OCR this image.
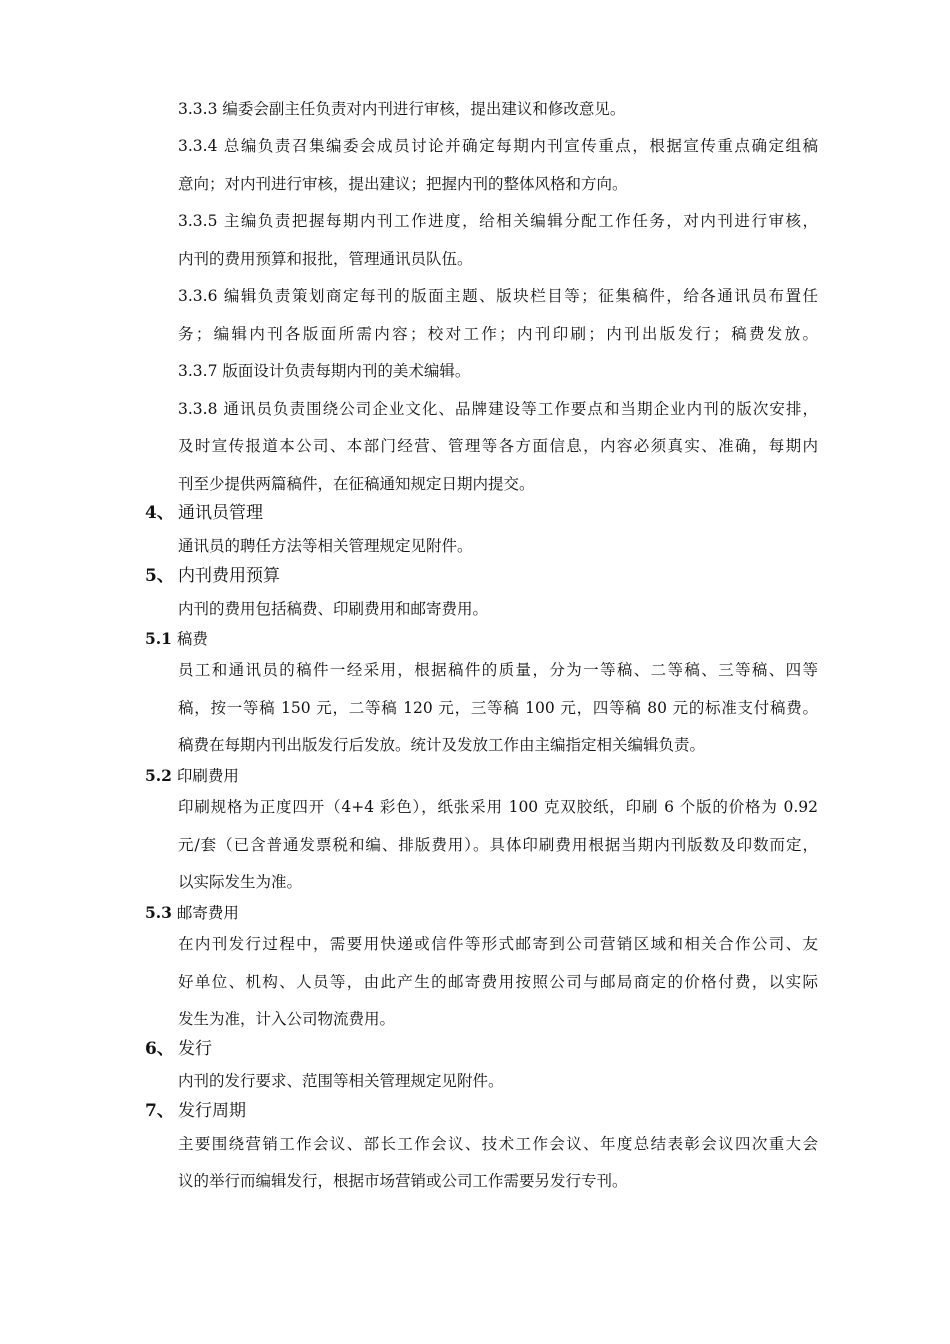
3.3.3 编委会副主任负责对内刊进行审核，提出建议和修改意见。
3.3.4 总编负责召集编委会成员讨论并确定每期内刊宣传重点，根据宣传重点确定组稿
意向；对内刊进行审核，提出建议；把握内刊的整体风格和方向。
3.3.5 主编负责把握每期内刊工作进度，给相关编辑分配工作任务，对内刊进行审核，
内刊的费用预算和报批，管理通讯员队伍。
3.3.6 编辑负责策划商定每刊的版面主题、版块栏目等；征集稿件，给各通讯员布置任
务；编辑内刊各版面所需内容；校对工作；内刊印刷；内刊出版发行；稿费发放。
3.3.7 版面设计负责每期内刊的美术编辑。
3.3.8 通讯员负责围绕公司企业文化、品牌建设等工作要点和当期企业内刊的版次安排，
及时宣传报道本公司、本部门经营、管理等各方面信息，内容必须真实、准确，每期内
刊至少提供两篇稿件，在征稿通知规定日期内提交。
4、 通讯员管理
通讯员的聘任方法等相关管理规定见附件。
5、 内刊费用预算
内刊的费用包括稿费、印刷费用和邮寄费用。
5.1 稿费
员工和通讯员的稿件一经采用，根据稿件的质量，分为一等稿、二等稿、三等稿、四等
稿，按一等稿 150 元，二等稿 120 元，三等稿 100 元，四等稿 80 元的标准支付稿费。
稿费在每期内刊出版发行后发放。统计及发放工作由主编指定相关编辑负责。
5.2 印刷费用
印刷规格为正度四开（4+4 彩色），纸张采用 100 克双胶纸，印刷 6 个版的价格为 0.92
元/套（已含普通发票税和编、排版费用）。具体印刷费用根据当期内刊版数及印数而定，
以实际发生为准。
5.3 邮寄费用
在内刊发行过程中，需要用快递或信件等形式邮寄到公司营销区域和相关合作公司、友
好单位、机构、人员等，由此产生的邮寄费用按照公司与邮局商定的价格付费，以实际
发生为准，计入公司物流费用。
6、 发行
内刊的发行要求、范围等相关管理规定见附件。
7、 发行周期
主要围绕营销工作会议、部长工作会议、技术工作会议、年度总结表彰会议四次重大会
议的举行而编辑发行，根据市场营销或公司工作需要另发行专刊。
